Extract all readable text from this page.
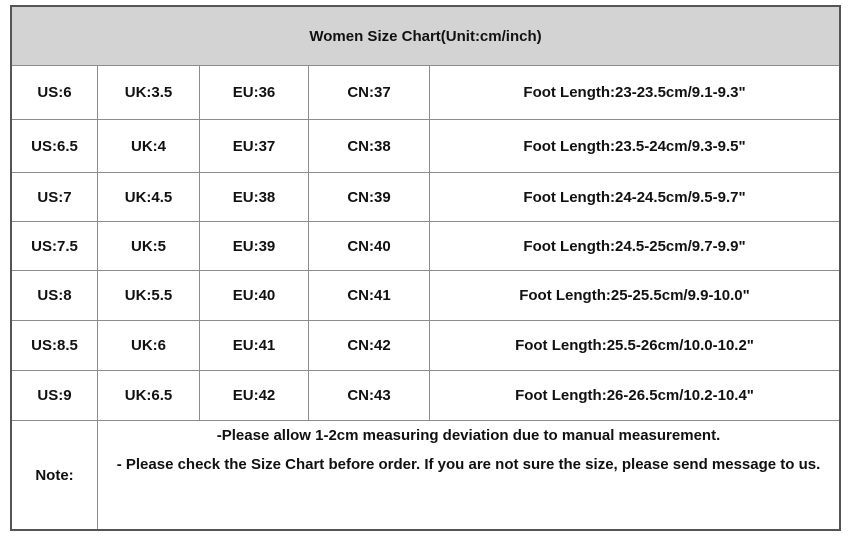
Women Size Chart(Unit:cm/inch)
US:6	UK:3.5	EU:36	CN:37	Foot Length:23-23.5cm/9.1-9.3"
US:6.5	UK:4	EU:37	CN:38	Foot Length:23.5-24cm/9.3-9.5"
US:7	UK:4.5	EU:38	CN:39	Foot Length:24-24.5cm/9.5-9.7"
US:7.5	UK:5	EU:39	CN:40	Foot Length:24.5-25cm/9.7-9.9"
US:8	UK:5.5	EU:40	CN:41	Foot Length:25-25.5cm/9.9-10.0"
US:8.5	UK:6	EU:41	CN:42	Foot Length:25.5-26cm/10.0-10.2"
US:9	UK:6.5	EU:42	CN:43	Foot Length:26-26.5cm/10.2-10.4"
Note:
-Please allow 1-2cm measuring deviation due to manual measurement.
- Please check the Size Chart before order. If you are not sure the size, please send message to us.
